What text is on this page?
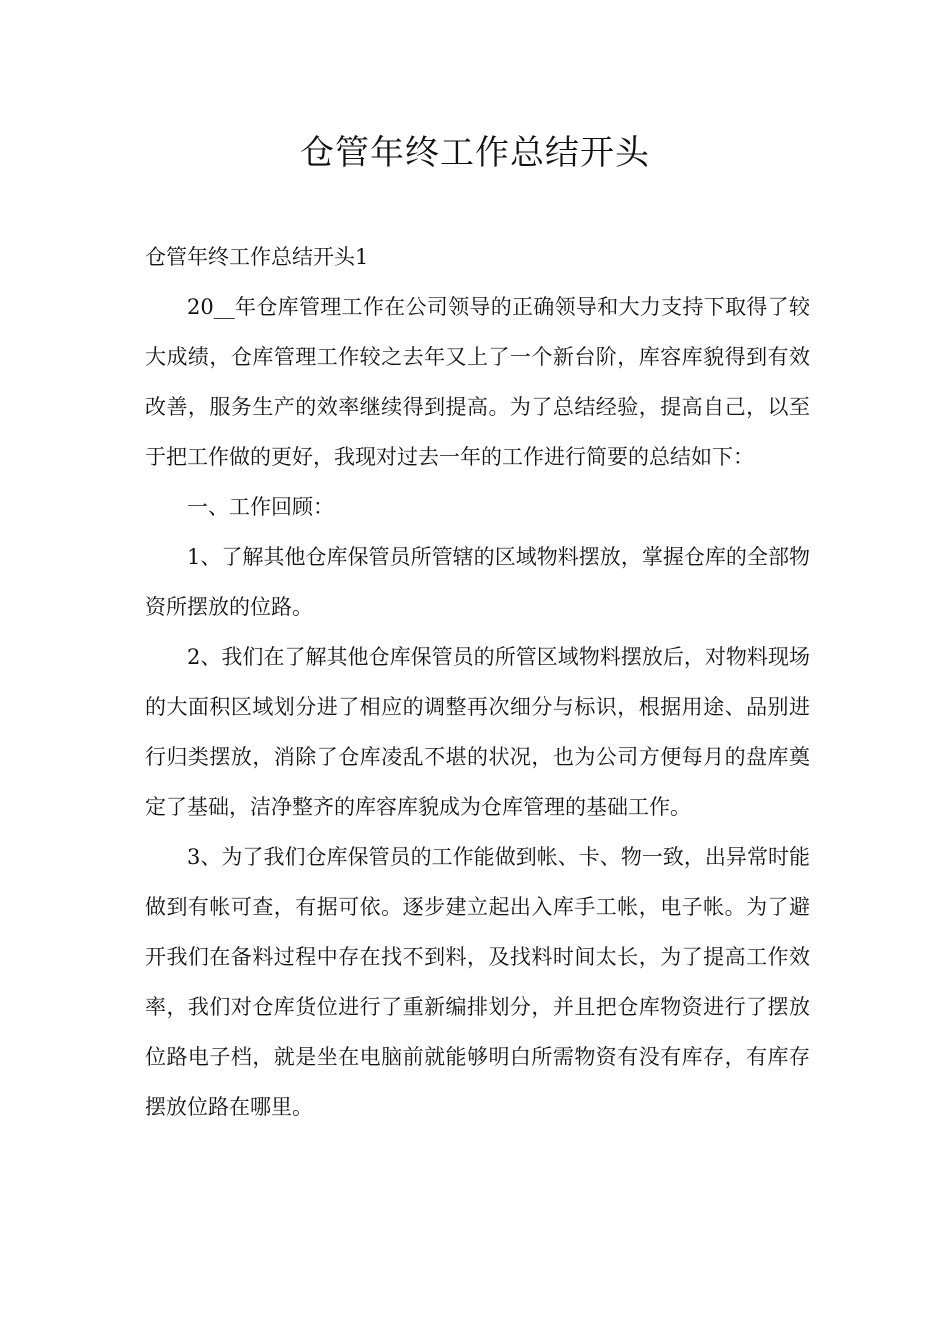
仓管年终工作总结开头

仓管年终工作总结开头1

20__年仓库管理工作在公司领导的正确领导和大力支持下取得了较大成绩，仓库管理工作较之去年又上了一个新台阶，库容库貌得到有效改善，服务生产的效率继续得到提高。为了总结经验，提高自己，以至于把工作做的更好，我现对过去一年的工作进行简要的总结如下：

一、工作回顾：

1、了解其他仓库保管员所管辖的区域物料摆放，掌握仓库的全部物资所摆放的位路。

2、我们在了解其他仓库保管员的所管区域物料摆放后，对物料现场的大面积区域划分进了相应的调整再次细分与标识，根据用途、品别进行归类摆放，消除了仓库凌乱不堪的状况，也为公司方便每月的盘库奠定了基础，洁净整齐的库容库貌成为仓库管理的基础工作。

3、为了我们仓库保管员的工作能做到帐、卡、物一致，出异常时能做到有帐可查，有据可依。逐步建立起出入库手工帐，电子帐。为了避开我们在备料过程中存在找不到料，及找料时间太长，为了提高工作效率，我们对仓库货位进行了重新编排划分，并且把仓库物资进行了摆放位路电子档，就是坐在电脑前就能够明白所需物资有没有库存，有库存摆放位路在哪里。
